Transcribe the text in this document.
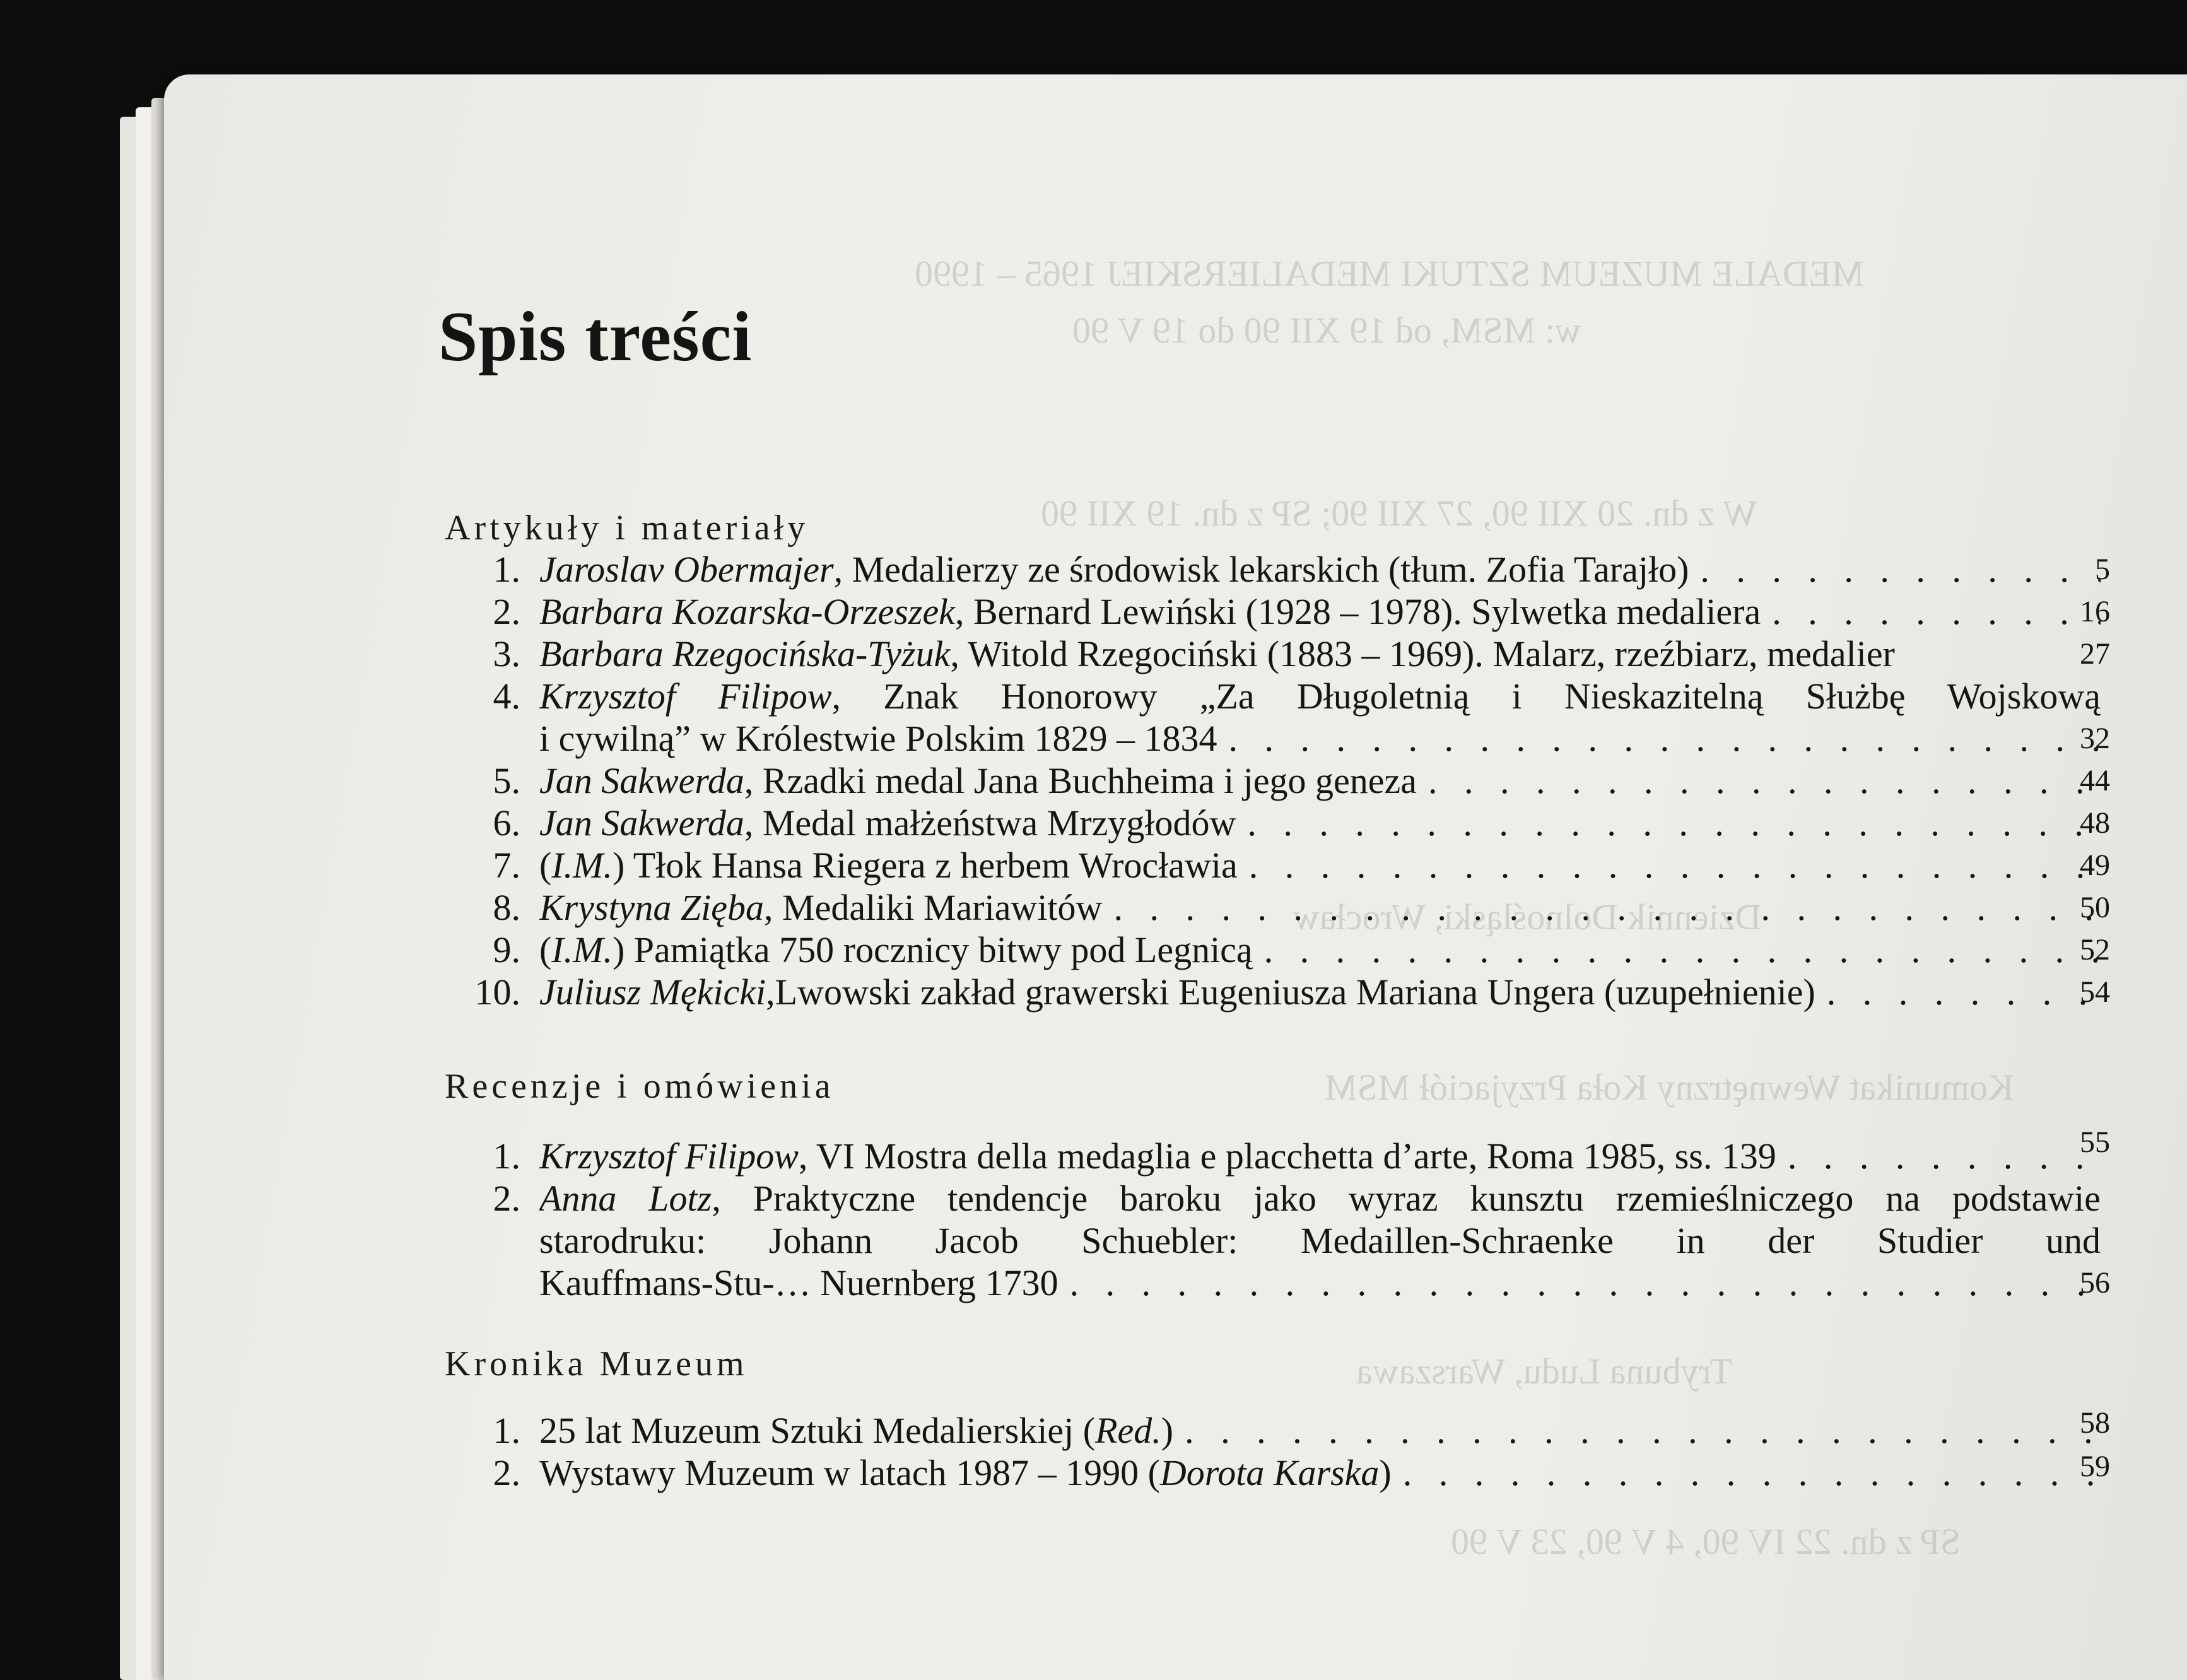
MEDALE MUZEUM SZTUKI MEDALIERSKIEJ 1965 – 1990
w: MSM, od 19 XII 90 do 19 V 90
W z dn. 20 XII 90, 27 XII 90; SP z dn. 19 XII 90
Dziennik Dolnośląski, Wrocław
Komunikat Wewnętrzny Koła Przyjaciół MSM
Trybuna Ludu, Warszawa
SP z dn. 22 IV 90, 4 V 90, 23 V 90
Spis treści
Artykuły i materiały
1. Jaroslav Obermajer, Medalierzy ze środowisk lekarskich (tłum. Zofia Tarajło) . . .	5
2. Barbara Kozarska-Orzeszek, Bernard Lewiński (1928 – 1978). Sylwetka medaliera . . .	16
3. Barbara Rzegocińska-Tyżuk, Witold Rzegociński (1883 – 1969). Malarz, rzeźbiarz, medalier	27
4. Krzysztof Filipow, Znak Honorowy „Za Długoletnią i Nieskazitelną Służbę Wojskową
i cywilną” w Królestwie Polskim 1829 – 1834 . . .	32
5. Jan Sakwerda, Rzadki medal Jana Buchheima i jego geneza . . .	44
6. Jan Sakwerda, Medal małżeństwa Mrzygłodów . . .	48
7. (I.M.) Tłok Hansa Riegera z herbem Wrocławia . . .	49
8. Krystyna Zięba, Medaliki Mariawitów . . .	50
9. (I.M.) Pamiątka 750 rocznicy bitwy pod Legnicą . . .	52
10. Juliusz Mękicki,Lwowski zakład grawerski Eugeniusza Mariana Ungera (uzupełnienie) . . .	54
Recenzje i omówienia
1. Krzysztof Filipow, VI Mostra della medaglia e placchetta d’arte, Roma 1985, ss. 139 . . .	55
2. Anna Lotz, Praktyczne tendencje baroku jako wyraz kunsztu rzemieślniczego na podstawie
starodruku: Johann Jacob Schuebler: Medaillen-Schraenke in der Studier und
Kauffmans-Stu-… Nuernberg 1730 . . .	56
Kronika Muzeum
1. 25 lat Muzeum Sztuki Medalierskiej (Red.) . . .	58
2. Wystawy Muzeum w latach 1987 – 1990 (Dorota Karska) . . .	59
